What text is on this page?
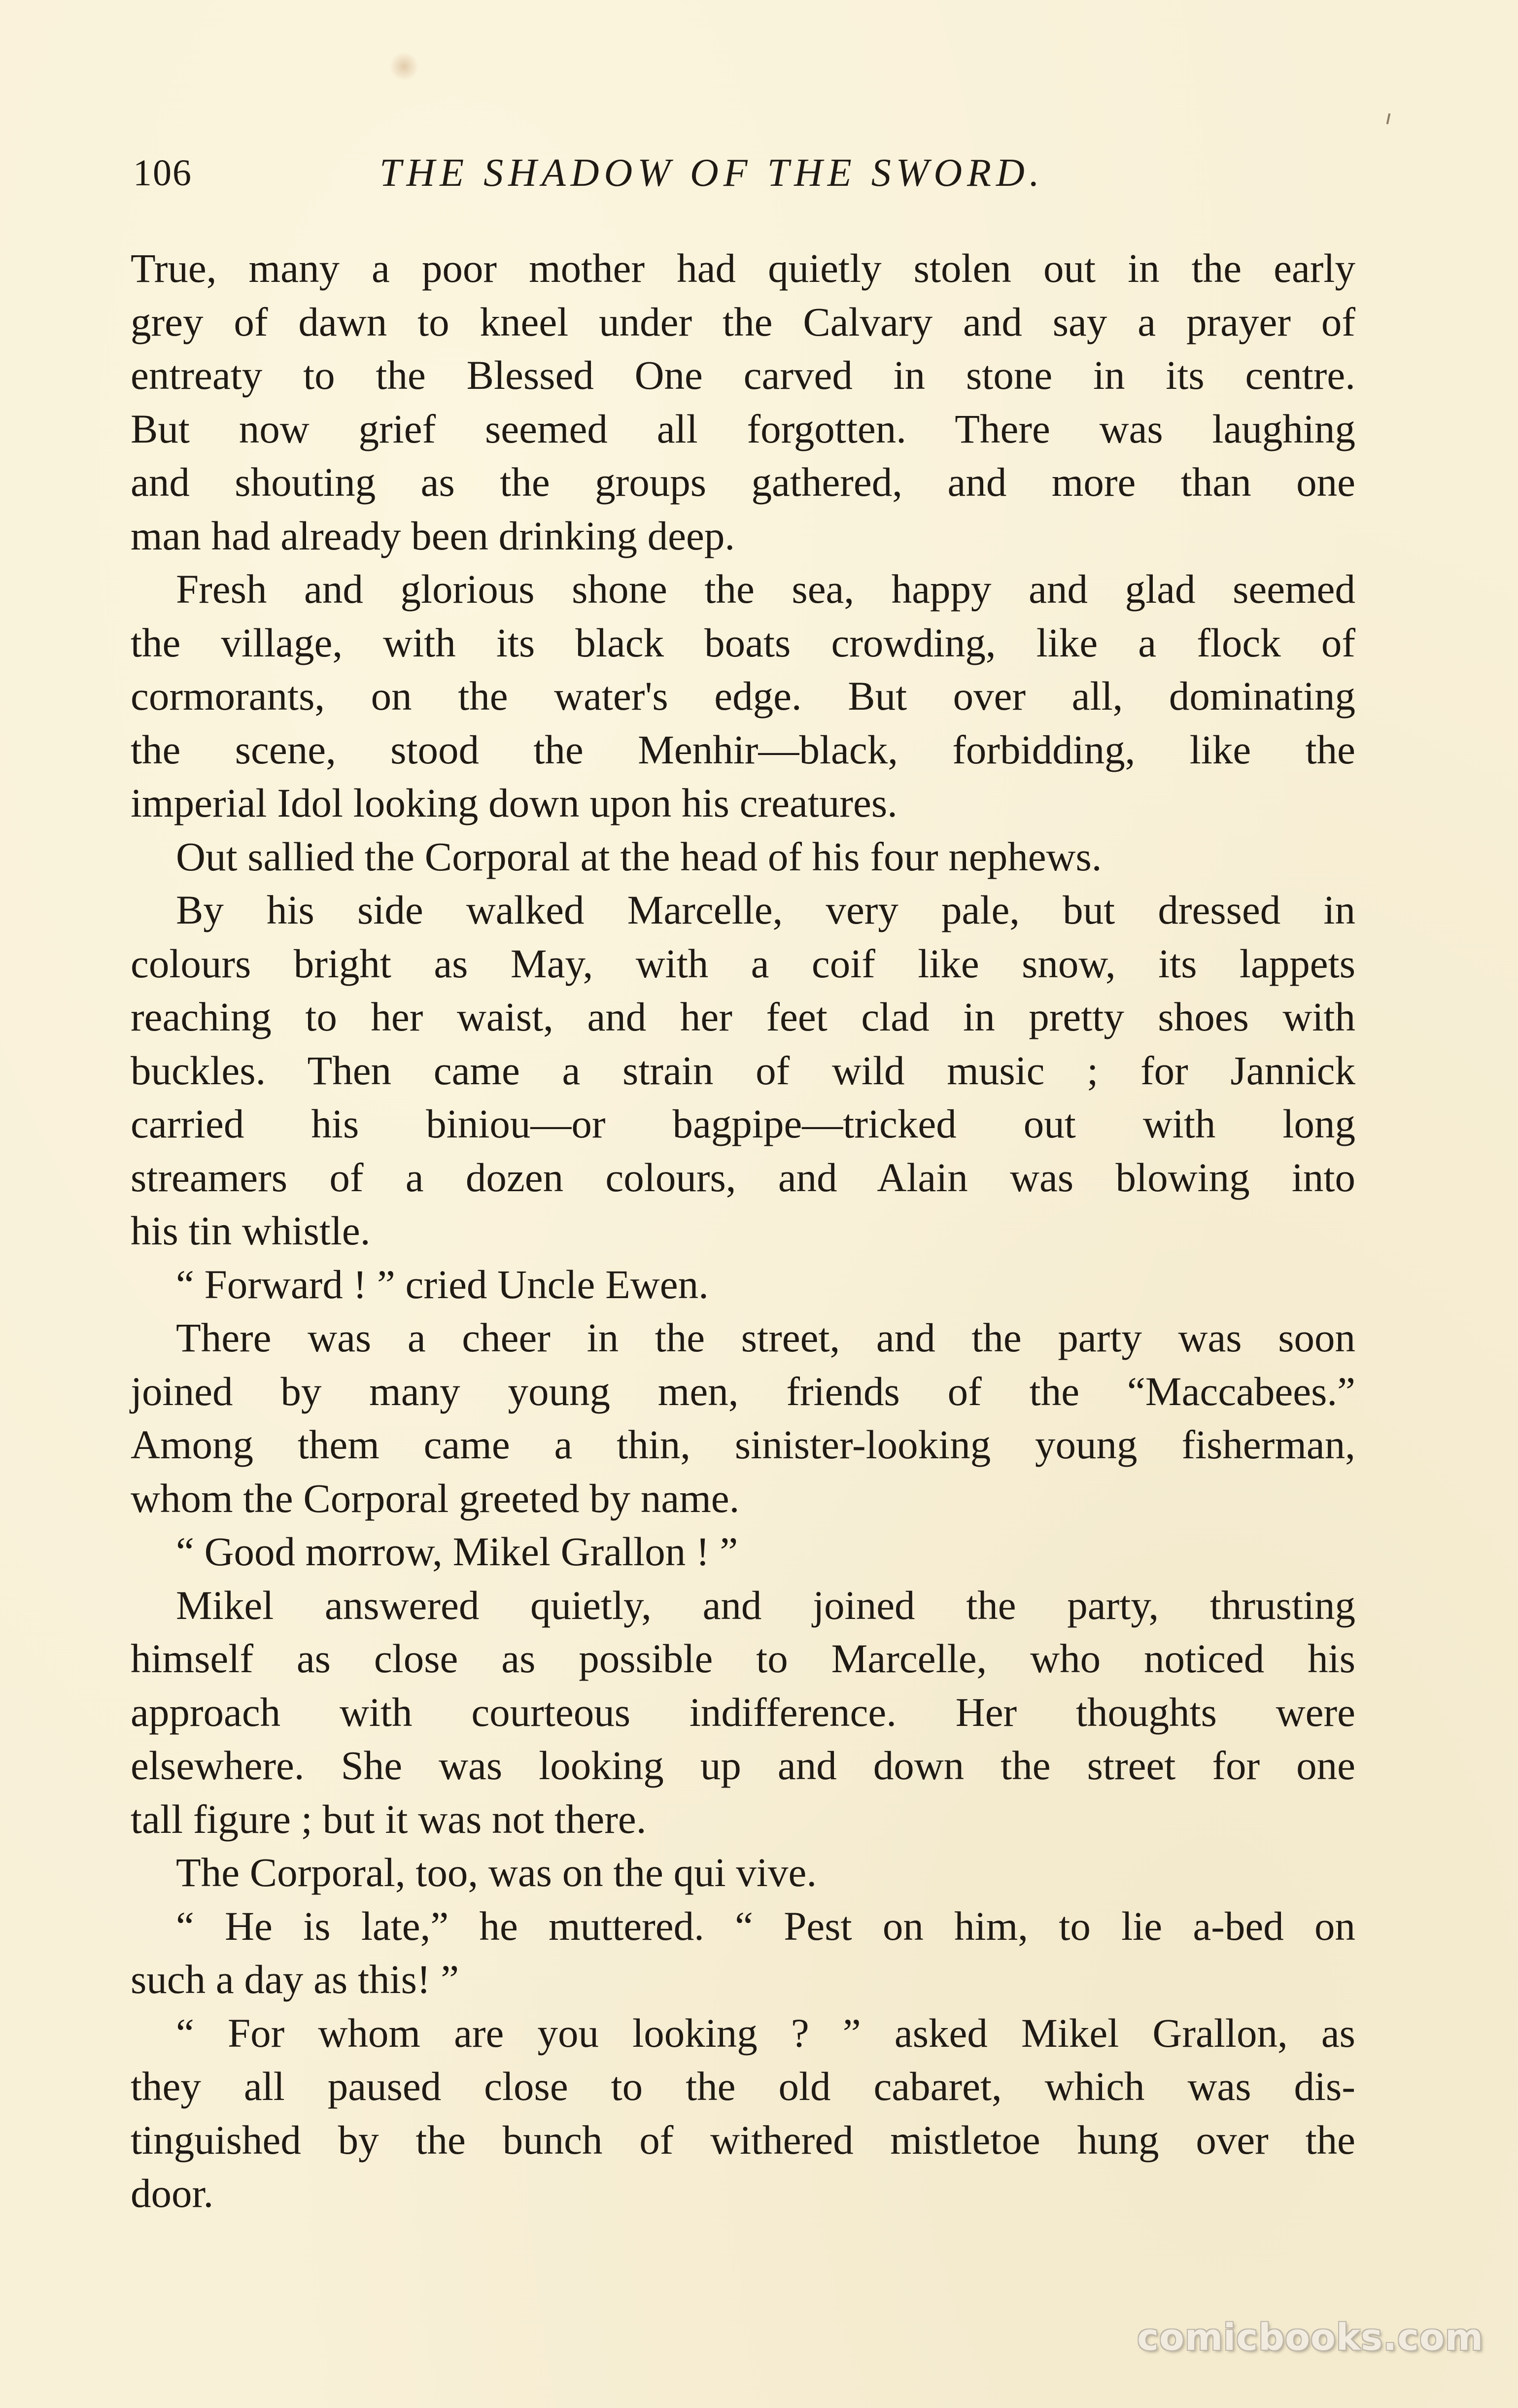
106	THE SHADOW OF THE SWORD.
True, many a poor mother had quietly stolen out in the early
grey of dawn to kneel under the Calvary and say a prayer of
entreaty to the Blessed One carved in stone in its centre.
But now grief seemed all forgotten. There was laughing
and shouting as the groups gathered, and more than one
man had already been drinking deep.
Fresh and glorious shone the sea, happy and glad seemed
the village, with its black boats crowding, like a flock of
cormorants, on the water's edge. But over all, dominating
the scene, stood the Menhir—black, forbidding, like the
imperial Idol looking down upon his creatures.
Out sallied the Corporal at the head of his four nephews.
By his side walked Marcelle, very pale, but dressed in
colours bright as May, with a coif like snow, its lappets
reaching to her waist, and her feet clad in pretty shoes with
buckles. Then came a strain of wild music ; for Jannick
carried his biniou—or bagpipe—tricked out with long
streamers of a dozen colours, and Alain was blowing into
his tin whistle.
“ Forward ! ” cried Uncle Ewen.
There was a cheer in the street, and the party was soon
joined by many young men, friends of the “Maccabees.”
Among them came a thin, sinister-looking young fisherman,
whom the Corporal greeted by name.
“ Good morrow, Mikel Grallon ! ”
Mikel answered quietly, and joined the party, thrusting
himself as close as possible to Marcelle, who noticed his
approach with courteous indifference. Her thoughts were
elsewhere. She was looking up and down the street for one
tall figure ; but it was not there.
The Corporal, too, was on the qui vive.
“ He is late,” he muttered. “ Pest on him, to lie a-bed on
such a day as this! ”
“ For whom are you looking ? ” asked Mikel Grallon, as
they all paused close to the old cabaret, which was dis-
tinguished by the bunch of withered mistletoe hung over the
door.
comicbooks.com
